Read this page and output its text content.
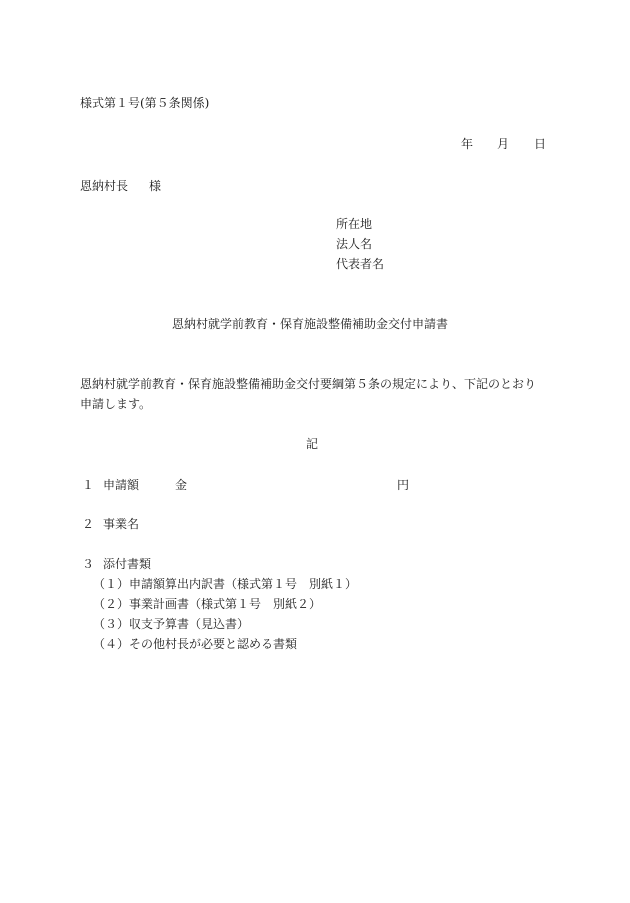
様式第１号(第５条関係)

年 月 日
恩納村長 様
所在地
法人名
代表者名
恩納村就学前教育・保育施設整備補助金交付申請書
恩納村就学前教育・保育施設整備補助金交付要綱第５条の規定により、下記のとおり
申請します。
記
１ 申請額	金	円
２ 事業名
３ 添付書類
（１）申請額算出内訳書（様式第１号　別紙１）
（２）事業計画書（様式第１号　別紙２）
（３）収支予算書（見込書）
（４）その他村長が必要と認める書類
